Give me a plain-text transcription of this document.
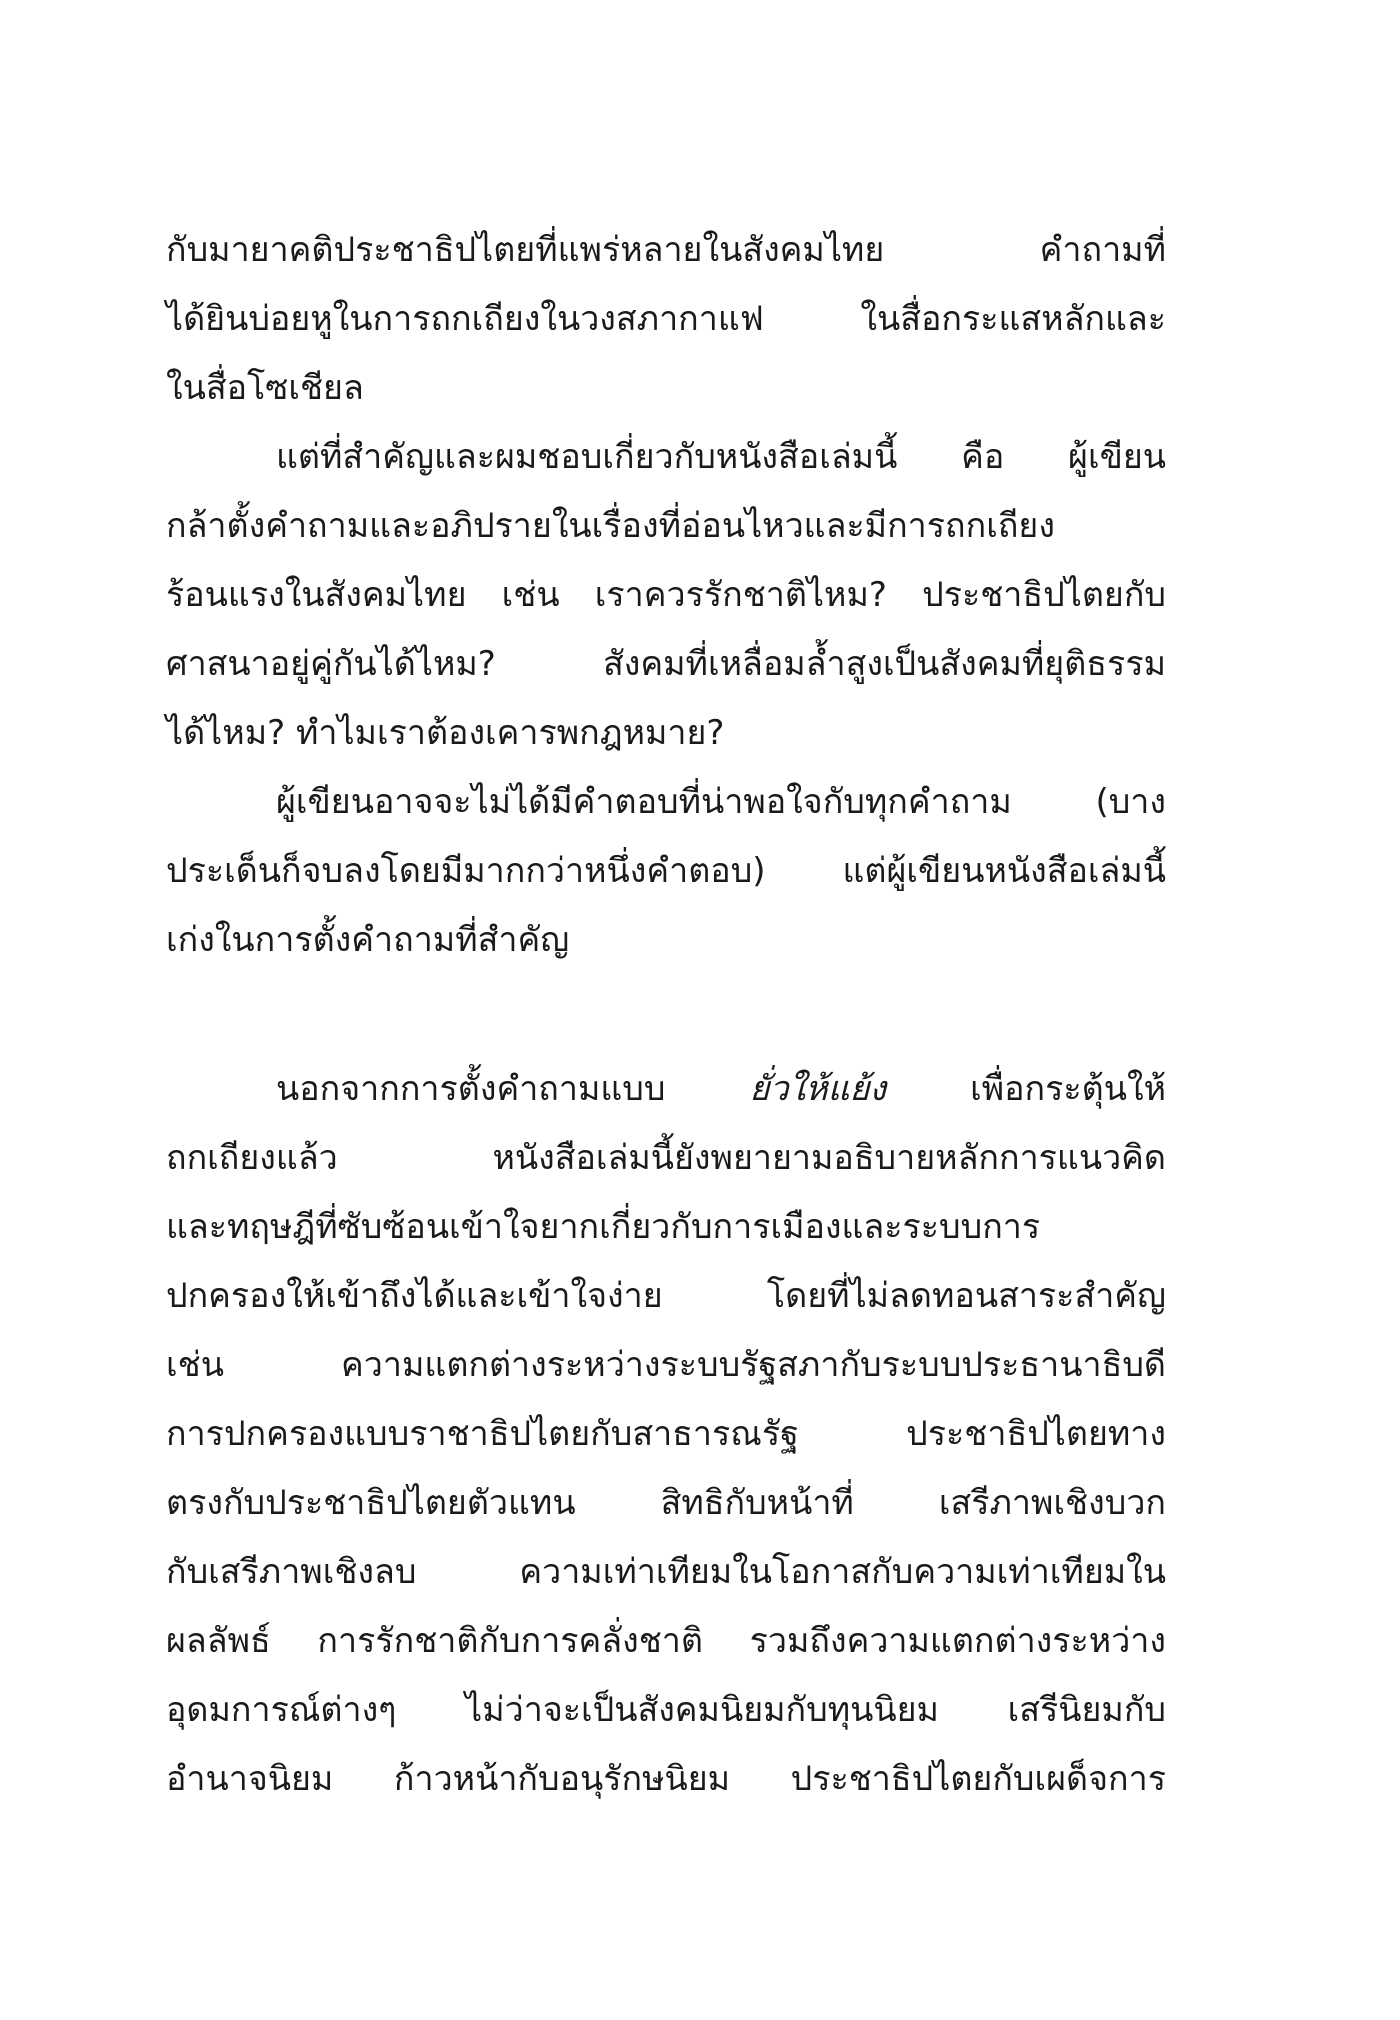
กับมายาคติประชาธิปไตยที่แพร่หลายในสังคมไทย คำถามที่
ได้ยินบ่อยหูในการถกเถียงในวงสภากาแฟ ในสื่อกระแสหลักและ
ในสื่อโซเชียล
แต่ที่สำคัญและผมชอบเกี่ยวกับหนังสือเล่มนี้ คือ ผู้เขียน
กล้าตั้งคำถามและอภิปรายในเรื่องที่อ่อนไหวและมีการถกเถียง
ร้อนแรงในสังคมไทย เช่น เราควรรักชาติไหม? ประชาธิปไตยกับ
ศาสนาอยู่คู่กันได้ไหม? สังคมที่เหลื่อมล้ำสูงเป็นสังคมที่ยุติธรรม
ได้ไหม? ทำไมเราต้องเคารพกฎหมาย?
ผู้เขียนอาจจะไม่ได้มีคำตอบที่น่าพอใจกับทุกคำถาม (บาง
ประเด็นก็จบลงโดยมีมากกว่าหนึ่งคำตอบ) แต่ผู้เขียนหนังสือเล่มนี้
เก่งในการตั้งคำถามที่สำคัญ
นอกจากการตั้งคำถามแบบ ยั่วให้แย้ง เพื่อกระตุ้นให้
ถกเถียงแล้ว หนังสือเล่มนี้ยังพยายามอธิบายหลักการแนวคิด
และทฤษฎีที่ซับซ้อนเข้าใจยากเกี่ยวกับการเมืองและระบบการ
ปกครองให้เข้าถึงได้และเข้าใจง่าย โดยที่ไม่ลดทอนสาระสำคัญ
เช่น ความแตกต่างระหว่างระบบรัฐสภากับระบบประธานาธิบดี
การปกครองแบบราชาธิปไตยกับสาธารณรัฐ ประชาธิปไตยทาง
ตรงกับประชาธิปไตยตัวแทน สิทธิกับหน้าที่ เสรีภาพเชิงบวก
กับเสรีภาพเชิงลบ ความเท่าเทียมในโอกาสกับความเท่าเทียมใน
ผลลัพธ์ การรักชาติกับการคลั่งชาติ รวมถึงความแตกต่างระหว่าง
อุดมการณ์ต่างๆ ไม่ว่าจะเป็นสังคมนิยมกับทุนนิยม เสรีนิยมกับ
อำนาจนิยม ก้าวหน้ากับอนุรักษนิยม ประชาธิปไตยกับเผด็จการ
